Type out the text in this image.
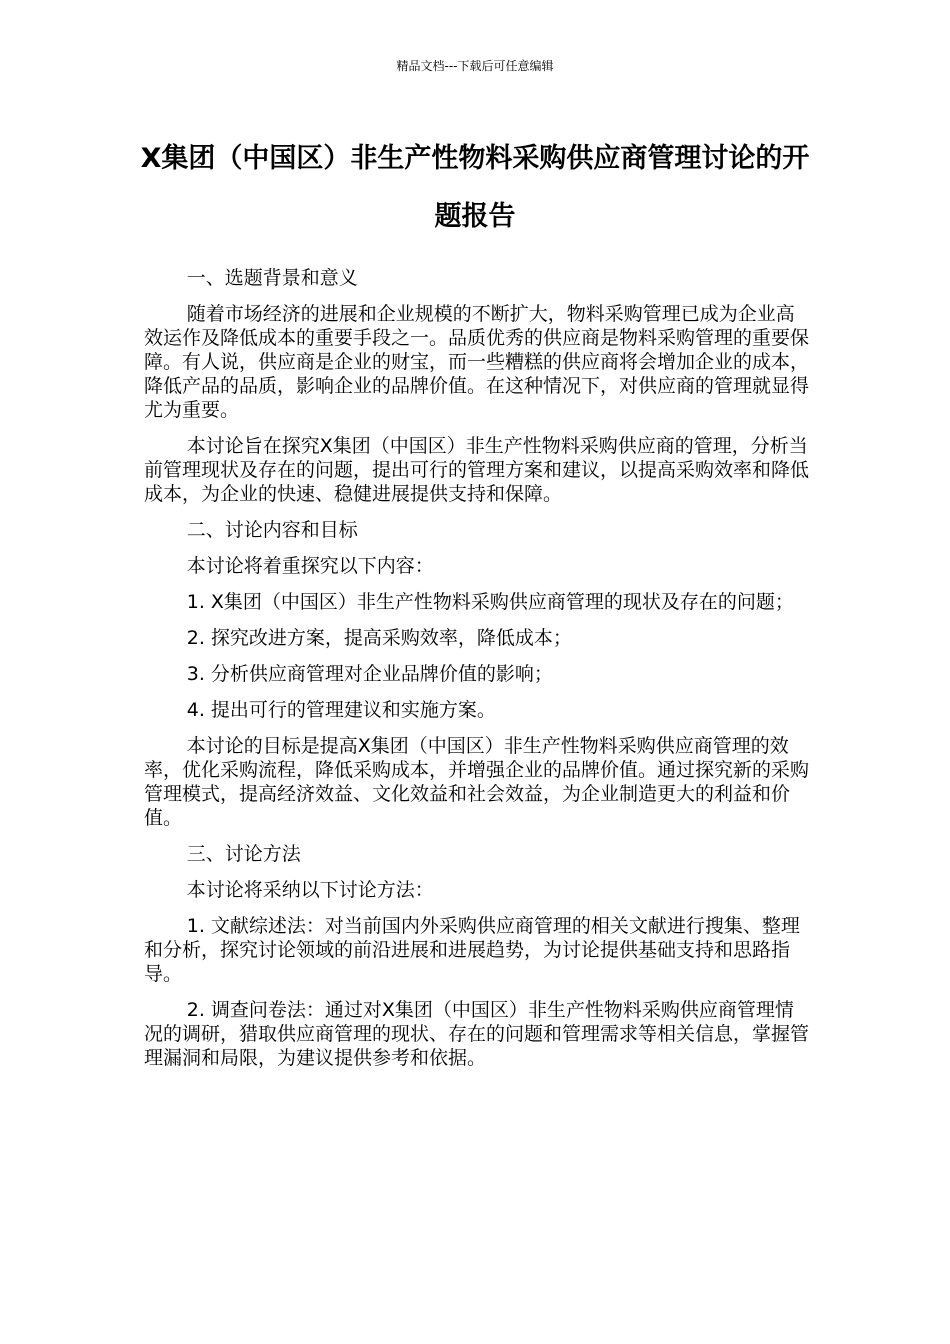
精品文档---下载后可任意编辑
X集团（中国区）非生产性物料采购供应商管理讨论的开题报告

一、选题背景和意义

随着市场经济的进展和企业规模的不断扩大，物料采购管理已成为企业高效运作及降低成本的重要手段之一。品质优秀的供应商是物料采购管理的重要保障。有人说，供应商是企业的财宝，而一些糟糕的供应商将会增加企业的成本，降低产品的品质，影响企业的品牌价值。在这种情况下，对供应商的管理就显得尤为重要。

本讨论旨在探究X集团（中国区）非生产性物料采购供应商的管理，分析当前管理现状及存在的问题，提出可行的管理方案和建议，以提高采购效率和降低成本，为企业的快速、稳健进展提供支持和保障。

二、讨论内容和目标

本讨论将着重探究以下内容：

1. X集团（中国区）非生产性物料采购供应商管理的现状及存在的问题；

2. 探究改进方案，提高采购效率，降低成本；

3. 分析供应商管理对企业品牌价值的影响；

4. 提出可行的管理建议和实施方案。

本讨论的目标是提高X集团（中国区）非生产性物料采购供应商管理的效率，优化采购流程，降低采购成本，并增强企业的品牌价值。通过探究新的采购管理模式，提高经济效益、文化效益和社会效益，为企业制造更大的利益和价值。

三、讨论方法

本讨论将采纳以下讨论方法：

1. 文献综述法：对当前国内外采购供应商管理的相关文献进行搜集、整理和分析，探究讨论领域的前沿进展和进展趋势，为讨论提供基础支持和思路指导。

2. 调查问卷法：通过对X集团（中国区）非生产性物料采购供应商管理情况的调研，猎取供应商管理的现状、存在的问题和管理需求等相关信息，掌握管理漏洞和局限，为建议提供参考和依据。
